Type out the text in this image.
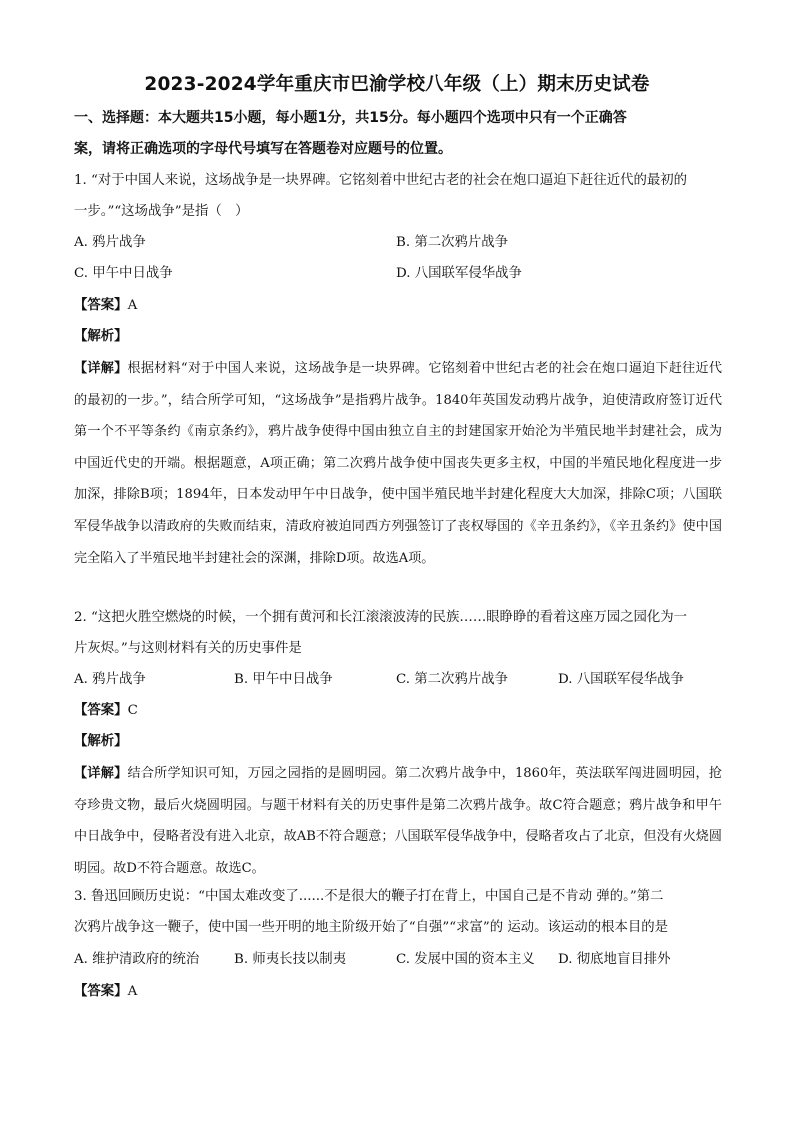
2023-2024学年重庆市巴渝学校八年级（上）期末历史试卷
一、选择题：本大题共15小题，每小题1分，共15分。每小题四个选项中只有一个正确答
案，请将正确选项的字母代号填写在答题卷对应题号的位置。
1. “对于中国人来说，这场战争是一块界碑。它铭刻着中世纪古老的社会在炮口逼迫下赶往近代的最初的
一步。”“这场战争”是指（　）
A. 鸦片战争	B. 第二次鸦片战争
C. 甲午中日战争	D. 八国联军侵华战争
【答案】A
【解析】
【详解】根据材料“对于中国人来说，这场战争是一块界碑。它铭刻着中世纪古老的社会在炮口逼迫下赶往近代的最初的一步。”，结合所学可知，“这场战争”是指鸦片战争。1840年英国发动鸦片战争，迫使清政府签订近代第一个不平等条约《南京条约》，鸦片战争使得中国由独立自主的封建国家开始沦为半殖民地半封建社会，成为中国近代史的开端。根据题意，A项正确；第二次鸦片战争使中国丧失更多主权，中国的半殖民地化程度进一步加深，排除B项；1894年，日本发动甲午中日战争，使中国半殖民地半封建化程度大大加深，排除C项；八国联军侵华战争以清政府的失败而结束，清政府被迫同西方列强签订了丧权辱国的《辛丑条约》，《辛丑条约》使中国完全陷入了半殖民地半封建社会的深渊，排除D项。故选A项。
2. “这把火胜空燃烧的时候，一个拥有黄河和长江滚滚波涛的民族……眼睁睁的看着这座万园之园化为一
片灰烬。”与这则材料有关的历史事件是
A. 鸦片战争	B. 甲午中日战争	C. 第二次鸦片战争	D. 八国联军侵华战争
【答案】C
【解析】
【详解】结合所学知识可知，万园之园指的是圆明园。第二次鸦片战争中，1860年，英法联军闯进圆明园，抢夺珍贵文物，最后火烧圆明园。与题干材料有关的历史事件是第二次鸦片战争。故C符合题意；鸦片战争和甲午中日战争中，侵略者没有进入北京，故AB不符合题意；八国联军侵华战争中，侵略者攻占了北京，但没有火烧圆明园。故D不符合题意。故选C。
3. 鲁迅回顾历史说：“中国太难改变了......不是很大的鞭子打在背上，中国自己是不肯动 弹的。”第二
次鸦片战争这一鞭子，使中国一些开明的地主阶级开始了“自强”“求富”的 运动。该运动的根本目的是
A. 维护清政府的统治	B. 师夷长技以制夷	C. 发展中国的资本主义 D. 彻底地盲目排外
【答案】A
